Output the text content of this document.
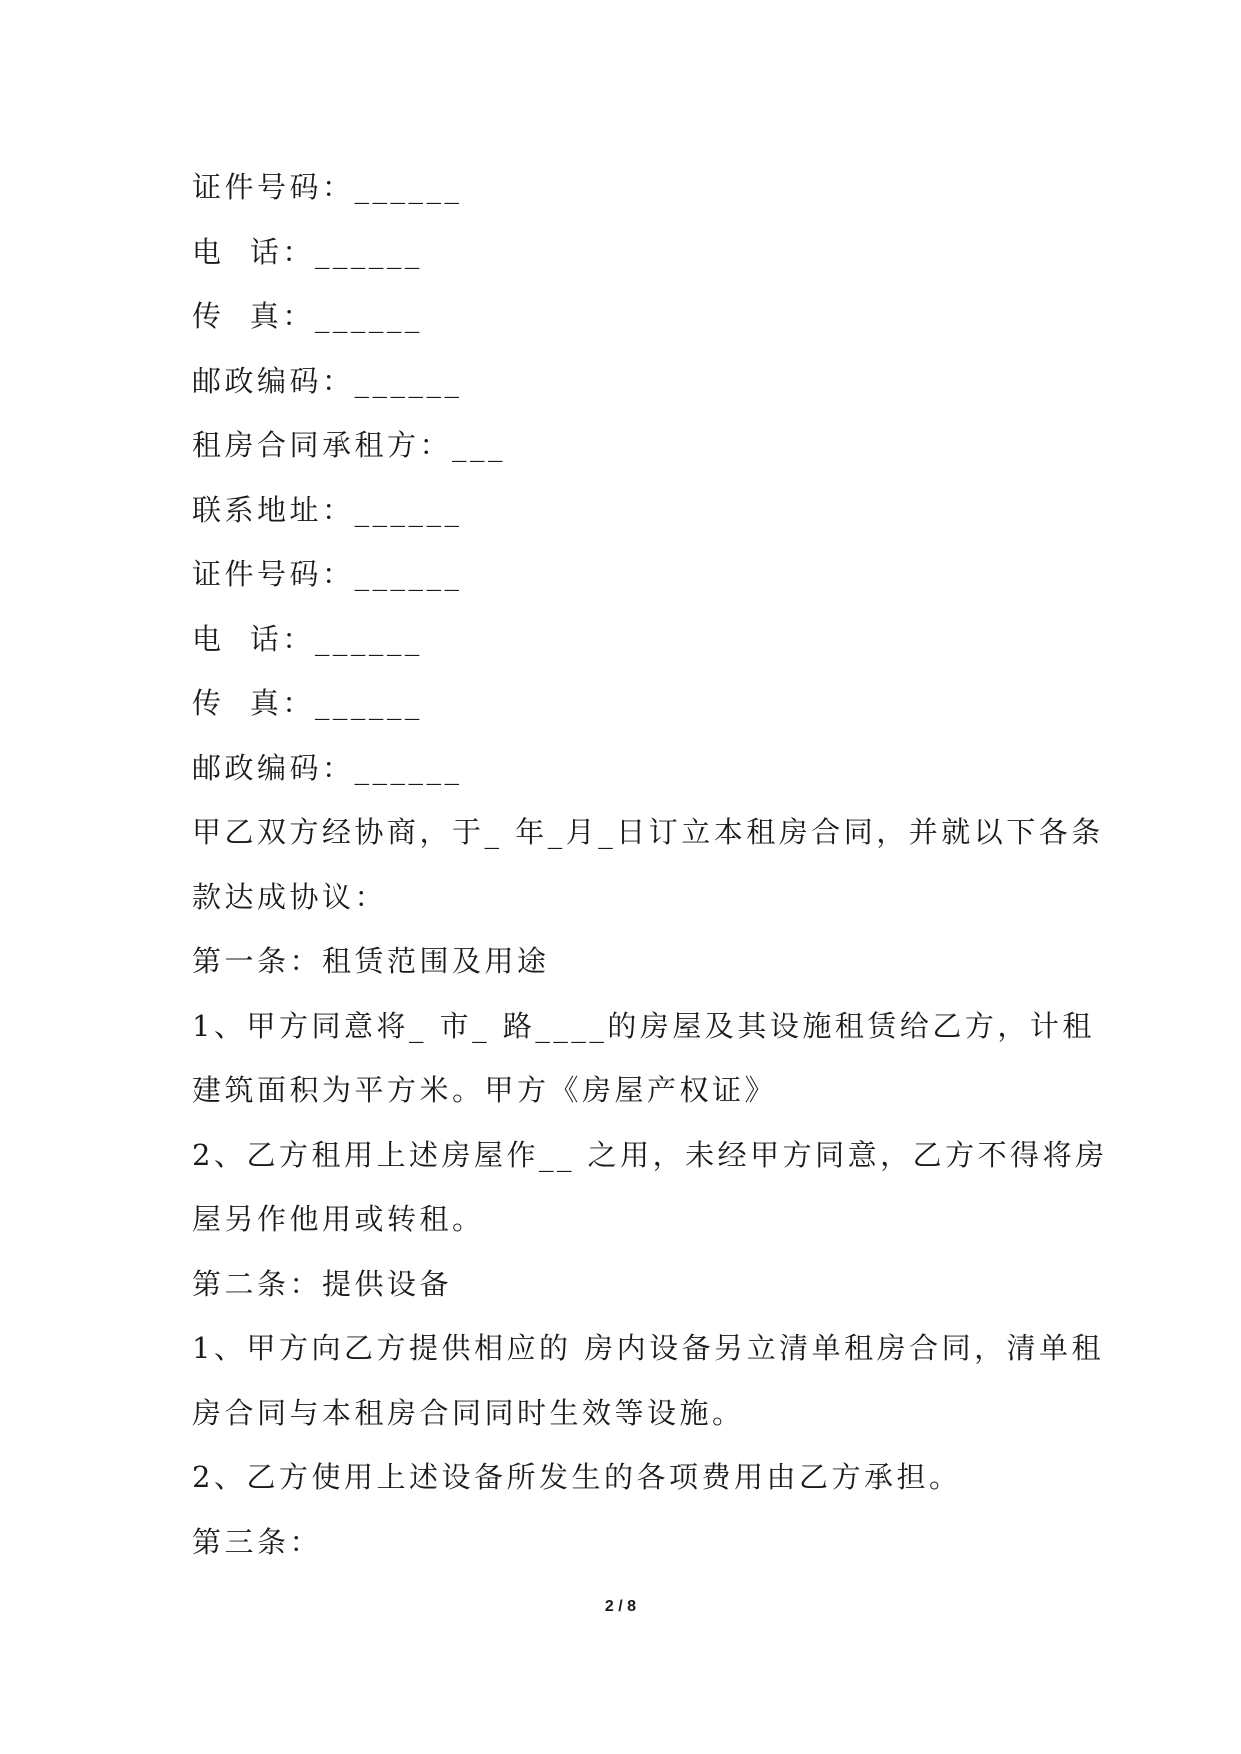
证件号码：______
电  话：______
传  真：______
邮政编码：______
租房合同承租方：___
联系地址：______
证件号码：______
电  话：______
传  真：______
邮政编码：______
甲乙双方经协商，于_ 年_月_日订立本租房合同，并就以下各条
款达成协议：
第一条：租赁范围及用途
1、甲方同意将_ 市_ 路____的房屋及其设施租赁给乙方，计租
建筑面积为平方米。甲方《房屋产权证》
2、乙方租用上述房屋作__ 之用，未经甲方同意，乙方不得将房
屋另作他用或转租。
第二条：提供设备
1、甲方向乙方提供相应的 房内设备另立清单租房合同，清单租
房合同与本租房合同同时生效等设施。
2、乙方使用上述设备所发生的各项费用由乙方承担。
第三条：
2 / 8
